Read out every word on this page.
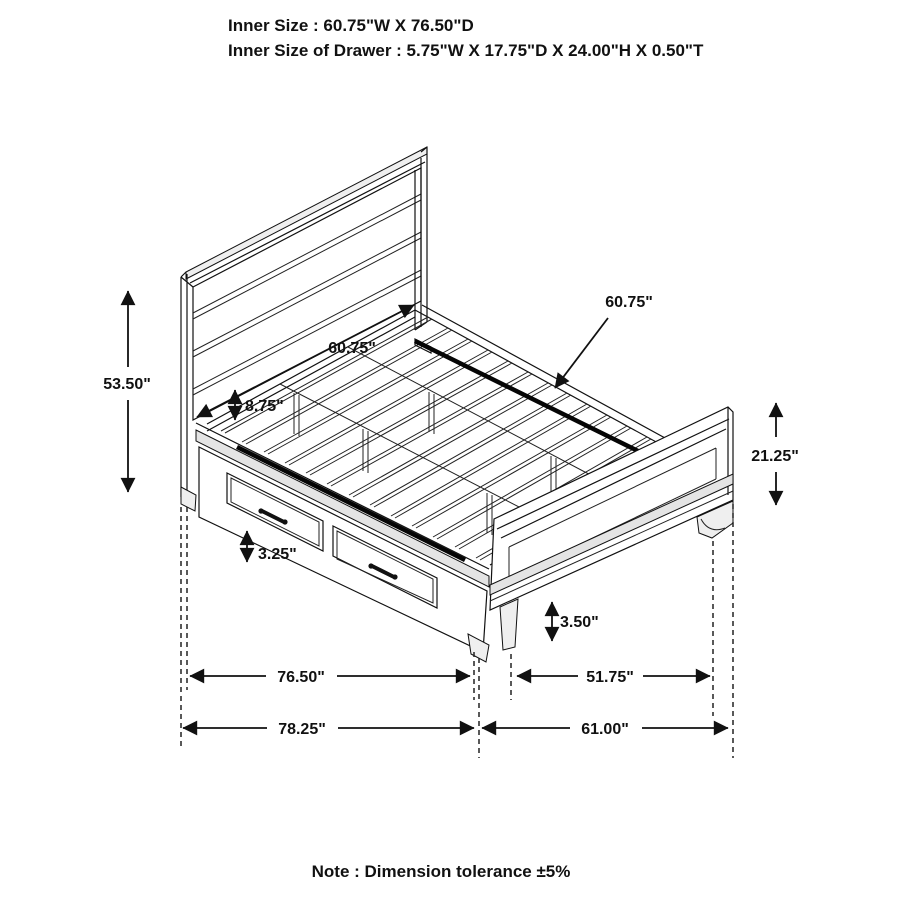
Inner Size : 60.75"W X 76.50"D
Inner Size of Drawer : 5.75"W X 17.75"D X 24.00"H X 0.50"T
53.50"
8.75"
60.75"
60.75"
21.25"
3.25"
3.50"
76.50"	51.75"
78.25"	61.00"
Note : Dimension tolerance ±5%
